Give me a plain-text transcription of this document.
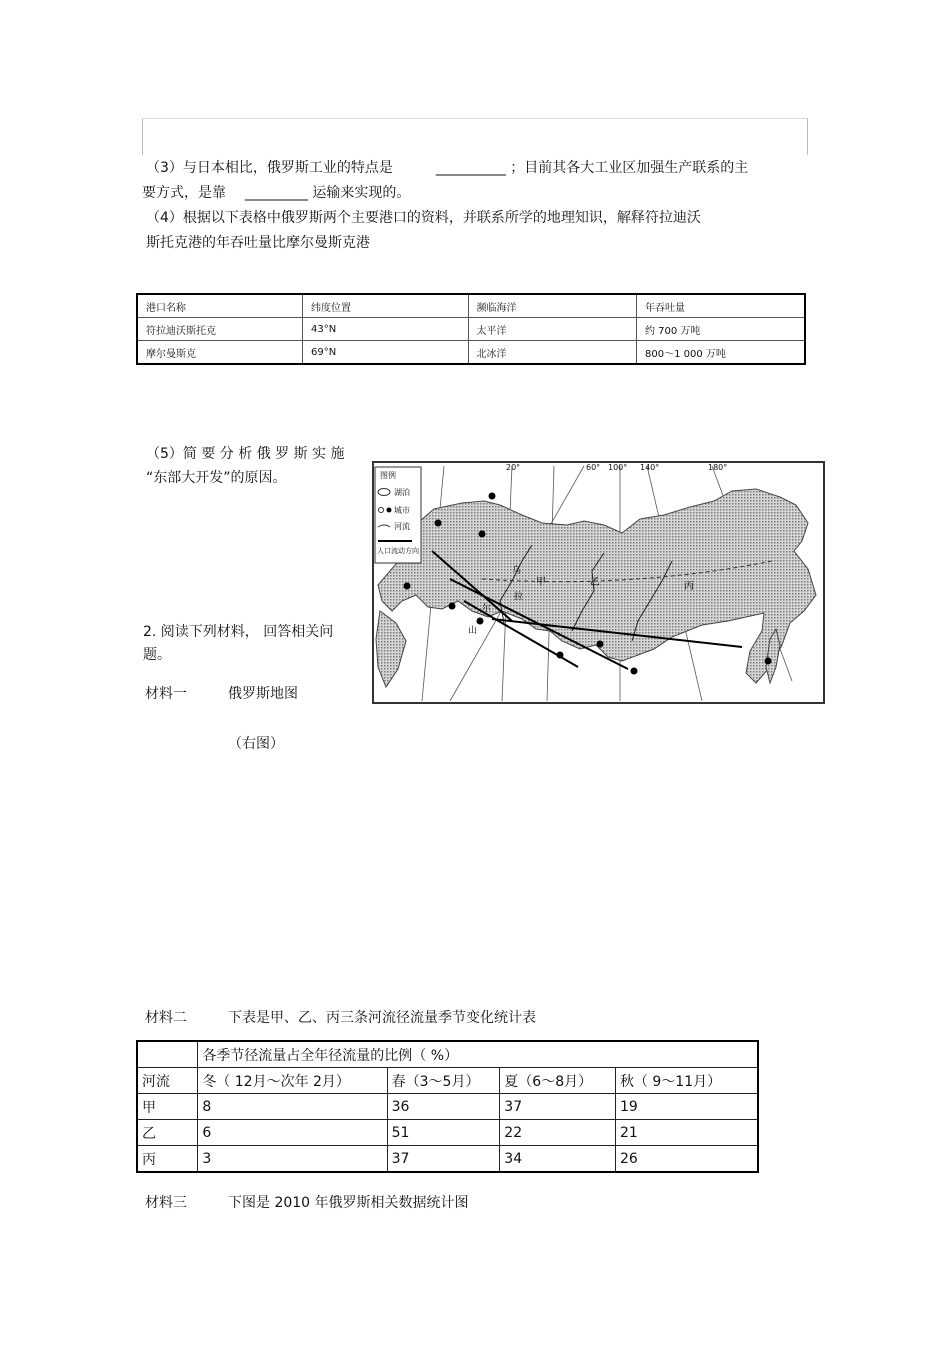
（3）与日本相比，俄罗斯工业的特点是	__________ ；目前其各大工业区加强生产联系的主
要方式，是靠 _________ 运输来实现的。
（4）根据以下表格中俄罗斯两个主要港口的资料，并联系所学的地理知识，解释符拉迪沃
斯托克港的年吞吐量比摩尔曼斯克港
港口名称	纬度位置	濒临海洋	年吞吐量
符拉迪沃斯托克	43°N	太平洋	约 700 万吨
摩尔曼斯克	69°N	北冰洋	800～1 000 万吨
（5）简 要 分 析 俄 罗 斯 实 施
“东部大开发”的原因。
2. 阅读下列材料， 回答相关问
题。
材料一	俄罗斯地图
（右图）
图例
湖泊
城市
河流
人口流动方向
20°	60° 100° 140°	180°
甲	乙	丙
乌
拉
尔
山
材料二	下表是甲、乙、丙三条河流径流量季节变化统计表
	各季节径流量占全年径流量的比例（ %）			
河流	冬（ 12月～次年 2月）	春（3～5月）	夏（6～8月）	秋（ 9～11月）
甲	8	36	37	19
乙	6	51	22	21
丙	3	37	34	26
材料三	下图是 2010 年俄罗斯相关数据统计图
